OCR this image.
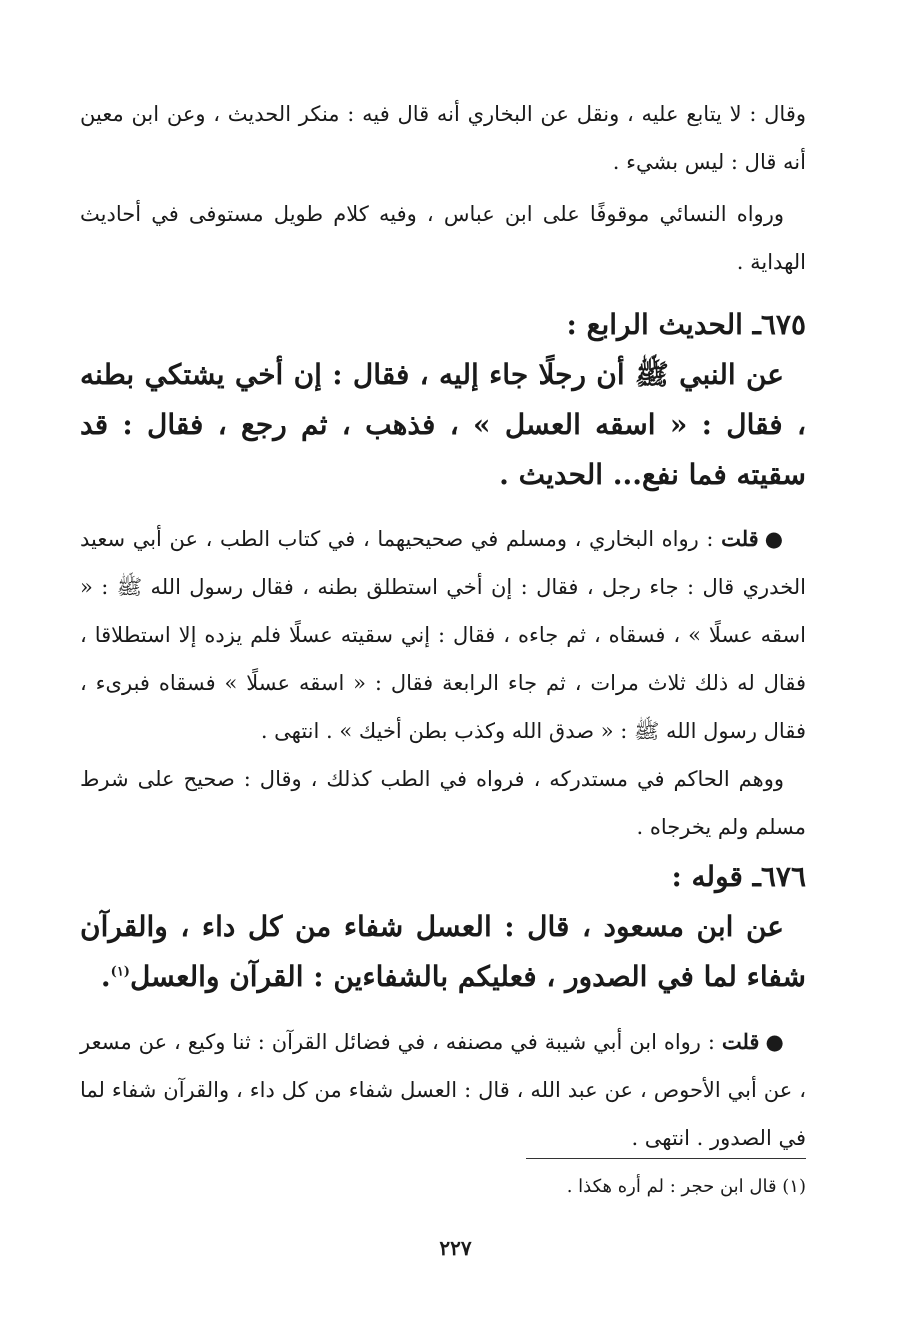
وقال : لا يتابع عليه ، ونقل عن البخاري أنه قال فيه : منكر الحديث ، وعن ابن معين أنه قال : ليس بشيء .

ورواه النسائي موقوفًا على ابن عباس ، وفيه كلام طويل مستوفى في أحاديث الهداية .

٦٧٥ـ الحديث الرابع :

عن النبي ﷺ أن رجلًا جاء إليه ، فقال : إن أخي يشتكي بطنه ، فقال : « اسقه العسل » ، فذهب ، ثم رجع ، فقال : قد سقيته فما نفع... الحديث .

●قلت : رواه البخاري ، ومسلم في صحيحيهما ، في كتاب الطب ، عن أبي سعيد الخدري قال : جاء رجل ، فقال : إن أخي استطلق بطنه ، فقال رسول الله ﷺ : « اسقه عسلًا » ، فسقاه ، ثم جاءه ، فقال : إني سقيته عسلًا فلم يزده إلا استطلاقا ، فقال له ذلك ثلاث مرات ، ثم جاء الرابعة فقال : « اسقه عسلًا » فسقاه فبرىء ، فقال رسول الله ﷺ : « صدق الله وكذب بطن أخيك » . انتهى .

ووهم الحاكم في مستدركه ، فرواه في الطب كذلك ، وقال : صحيح على شرط مسلم ولم يخرجاه .

٦٧٦ـ قوله :

عن ابن مسعود ، قال : العسل شفاء من كل داء ، والقرآن شفاء لما في الصدور ، فعليكم بالشفاءين : القرآن والعسل$^{(١)}$.

●قلت : رواه ابن أبي شيبة في مصنفه ، في فضائل القرآن : ثنا وكيع ، عن مسعر ، عن أبي الأحوص ، عن عبد الله ، قال : العسل شفاء من كل داء ، والقرآن شفاء لما في الصدور . انتهى .

(١) قال ابن حجر : لم أره هكذا .
٢٢٧
